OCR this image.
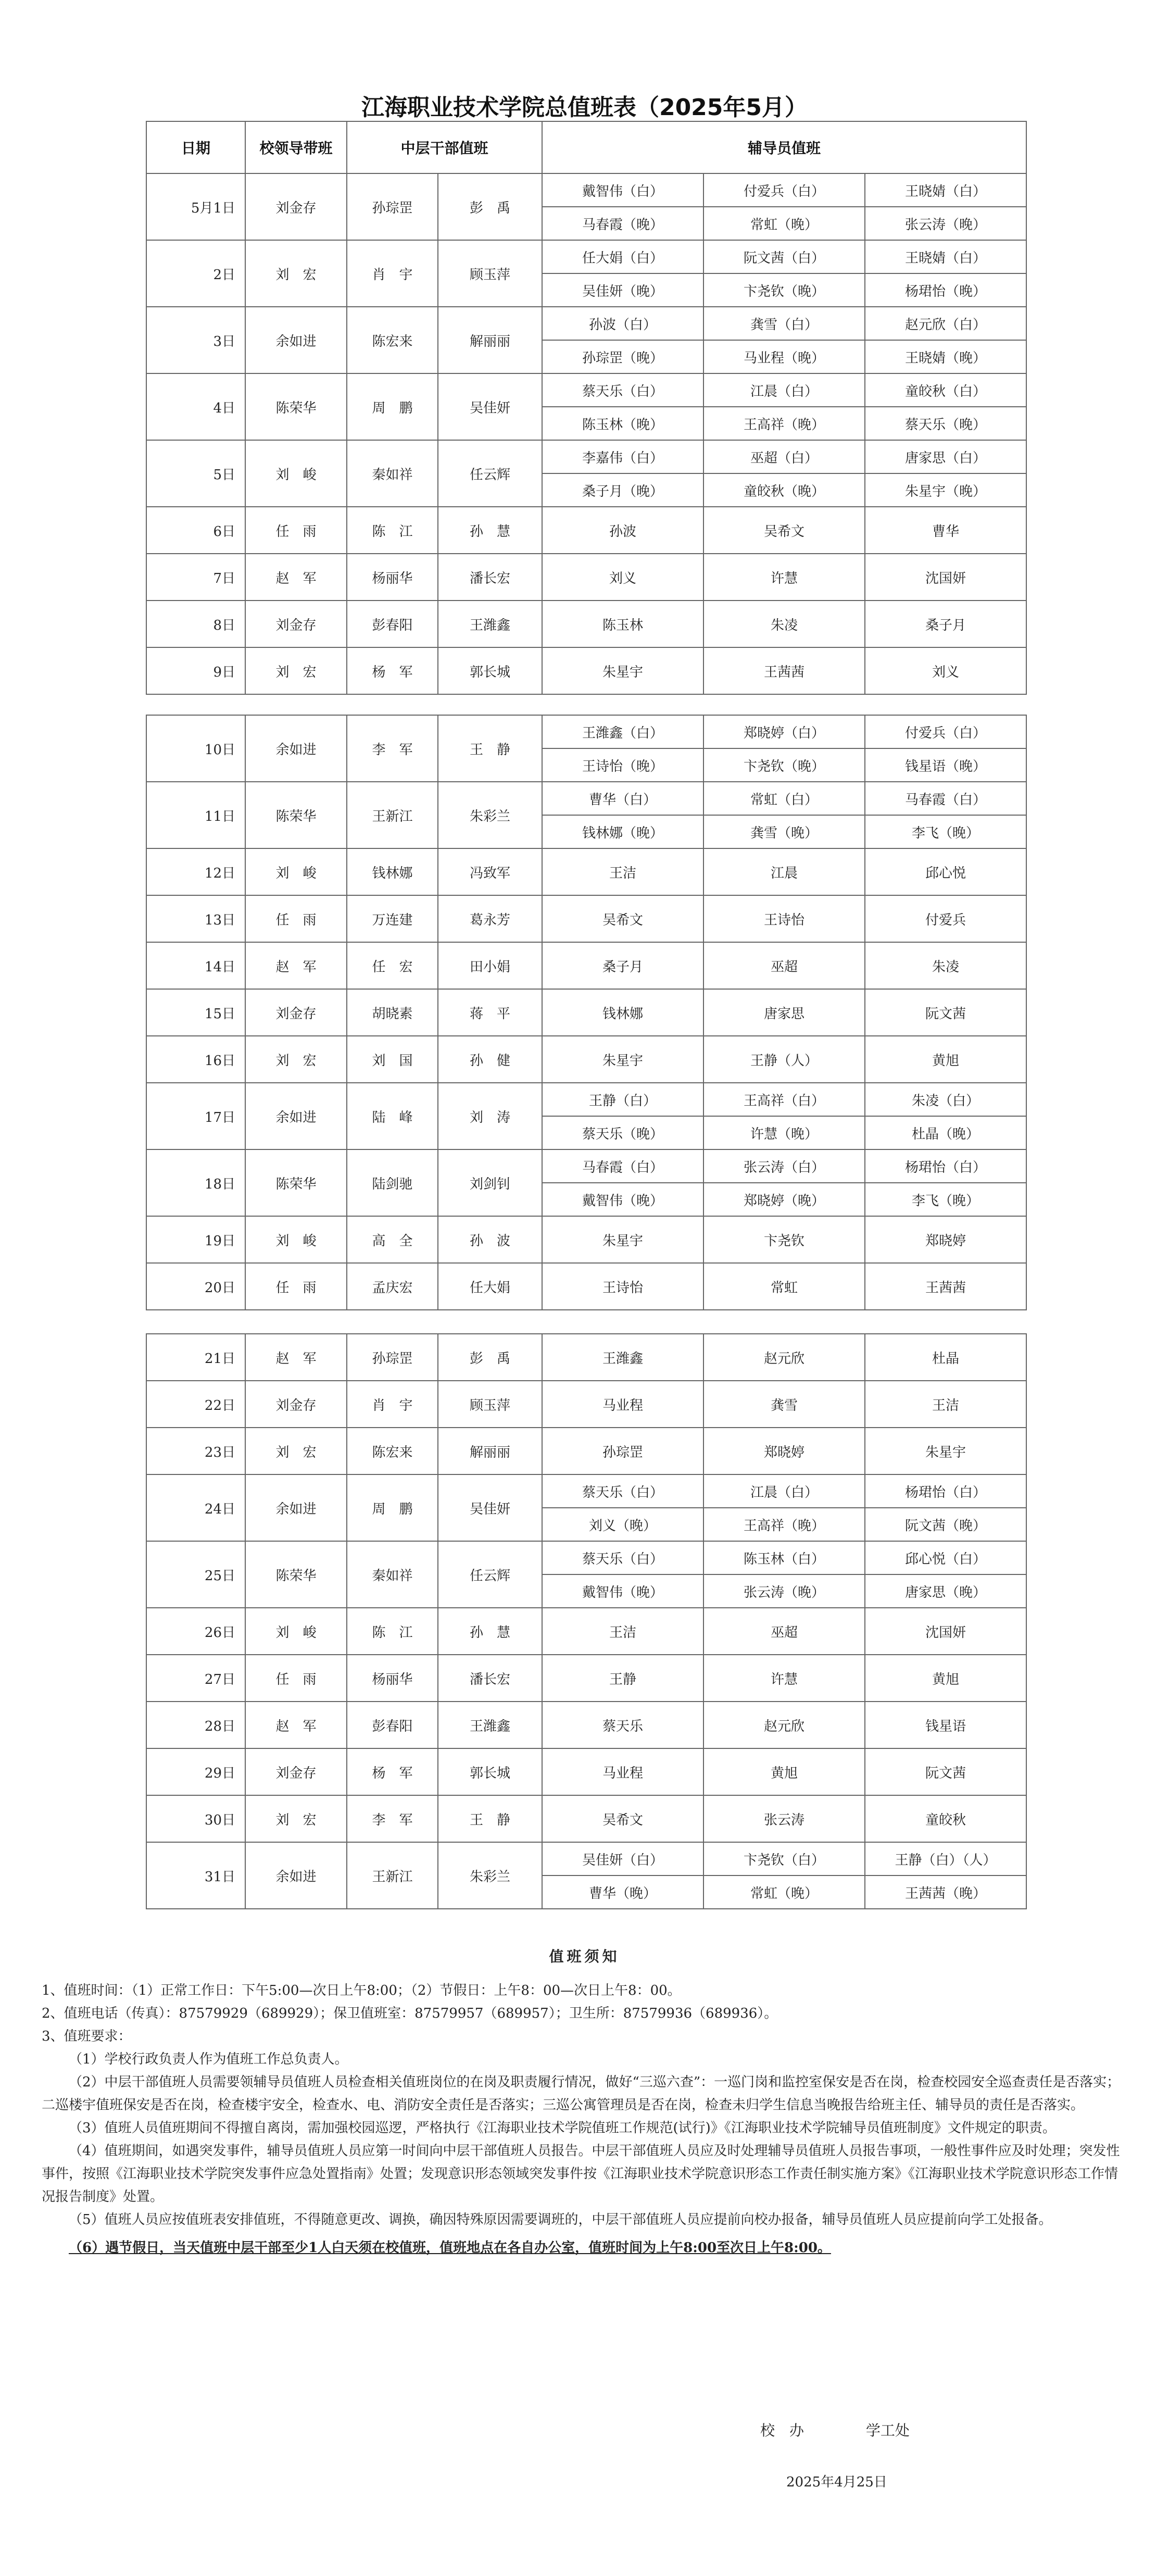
江海职业技术学院总值班表（2025年5月）
日期	校领导带班	中层干部值班		辅导员值班		
5月1日	刘金存	孙琮罡	彭　禹	戴智伟（白）	付爱兵（白）	王晓婧（白）
				马春霞（晚）	常虹（晚）	张云涛（晚）
2日	刘　宏	肖　宇	顾玉萍	任大娟（白）	阮文茜（白）	王晓婧（白）
				吴佳妍（晚）	卞尧钦（晚）	杨珺怡（晚）
3日	余如进	陈宏来	解丽丽	孙波（白）	龚雪（白）	赵元欣（白）
				孙琮罡（晚）	马业程（晚）	王晓婧（晚）
4日	陈荣华	周　鹏	吴佳妍	蔡天乐（白）	江晨（白）	童皎秋（白）
				陈玉林（晚）	王高祥（晚）	蔡天乐（晚）
5日	刘　峻	秦如祥	任云辉	李嘉伟（白）	巫超（白）	唐家思（白）
				桑子月（晚）	童皎秋（晚）	朱星宇（晚）
6日	任　雨	陈　江	孙　慧	孙波	吴希文	曹华
7日	赵　军	杨丽华	潘长宏	刘义	许慧	沈国妍
8日	刘金存	彭春阳	王潍鑫	陈玉林	朱凌	桑子月
9日	刘　宏	杨　军	郭长城	朱星宇	王茜茜	刘义
10日	余如进	李　军	王　静	王潍鑫（白）	郑晓婷（白）	付爱兵（白）
				王诗怡（晚）	卞尧钦（晚）	钱星语（晚）
11日	陈荣华	王新江	朱彩兰	曹华（白）	常虹（白）	马春霞（白）
				钱林娜（晚）	龚雪（晚）	李飞（晚）
12日	刘　峻	钱林娜	冯致军	王洁	江晨	邱心悦
13日	任　雨	万连建	葛永芳	吴希文	王诗怡	付爱兵
14日	赵　军	任　宏	田小娟	桑子月	巫超	朱凌
15日	刘金存	胡晓素	蒋　平	钱林娜	唐家思	阮文茜
16日	刘　宏	刘　国	孙　健	朱星宇	王静（人）	黄旭
17日	余如进	陆　峰	刘　涛	王静（白）	王高祥（白）	朱凌（白）
				蔡天乐（晚）	许慧（晚）	杜晶（晚）
18日	陈荣华	陆剑驰	刘剑钊	马春霞（白）	张云涛（白）	杨珺怡（白）
				戴智伟（晚）	郑晓婷（晚）	李飞（晚）
19日	刘　峻	高　全	孙　波	朱星宇	卞尧钦	郑晓婷
20日	任　雨	孟庆宏	任大娟	王诗怡	常虹	王茜茜
21日	赵　军	孙琮罡	彭　禹	王潍鑫	赵元欣	杜晶
22日	刘金存	肖　宇	顾玉萍	马业程	龚雪	王洁
23日	刘　宏	陈宏来	解丽丽	孙琮罡	郑晓婷	朱星宇
24日	余如进	周　鹏	吴佳妍	蔡天乐（白）	江晨（白）	杨珺怡（白）
				刘义（晚）	王高祥（晚）	阮文茜（晚）
25日	陈荣华	秦如祥	任云辉	蔡天乐（白）	陈玉林（白）	邱心悦（白）
				戴智伟（晚）	张云涛（晚）	唐家思（晚）
26日	刘　峻	陈　江	孙　慧	王洁	巫超	沈国妍
27日	任　雨	杨丽华	潘长宏	王静	许慧	黄旭
28日	赵　军	彭春阳	王潍鑫	蔡天乐	赵元欣	钱星语
29日	刘金存	杨　军	郭长城	马业程	黄旭	阮文茜
30日	刘　宏	李　军	王　静	吴希文	张云涛	童皎秋
31日	余如进	王新江	朱彩兰	吴佳妍（白）	卞尧钦（白）	王静（白）（人）
				曹华（晚）	常虹（晚）	王茜茜（晚）
值班须知

1、值班时间：（1）正常工作日：下午5:00—次日上午8:00；（2）节假日：上午8：00—次日上午8：00。

2、值班电话（传真）：87579929（689929）；保卫值班室：87579957（689957）；卫生所：87579936（689936）。

3、值班要求：

（1）学校行政负责人作为值班工作总负责人。

（2）中层干部值班人员需要领辅导员值班人员检查相关值班岗位的在岗及职责履行情况，做好“三巡六查”：一巡门岗和监控室保安是否在岗，检查校园安全巡查责任是否落实；二巡楼宇值班保安是否在岗，检查楼宇安全，检查水、电、消防安全责任是否落实；三巡公寓管理员是否在岗，检查未归学生信息当晚报告给班主任、辅导员的责任是否落实。

（3）值班人员值班期间不得擅自离岗，需加强校园巡逻，严格执行《江海职业技术学院值班工作规范(试行)》《江海职业技术学院辅导员值班制度》文件规定的职责。

（4）值班期间，如遇突发事件，辅导员值班人员应第一时间向中层干部值班人员报告。中层干部值班人员应及时处理辅导员值班人员报告事项，一般性事件应及时处理；突发性事件，按照《江海职业技术学院突发事件应急处置指南》处置；发现意识形态领域突发事件按《江海职业技术学院意识形态工作责任制实施方案》《江海职业技术学院意识形态工作情况报告制度》处置。

（5）值班人员应按值班表安排值班，不得随意更改、调换，确因特殊原因需要调班的，中层干部值班人员应提前向校办报备，辅导员值班人员应提前向学工处报备。

（6）遇节假日，当天值班中层干部至少1人白天须在校值班，值班地点在各自办公室，值班时间为上午8:00至次日上午8:00。

校　办	学工处
2025年4月25日
